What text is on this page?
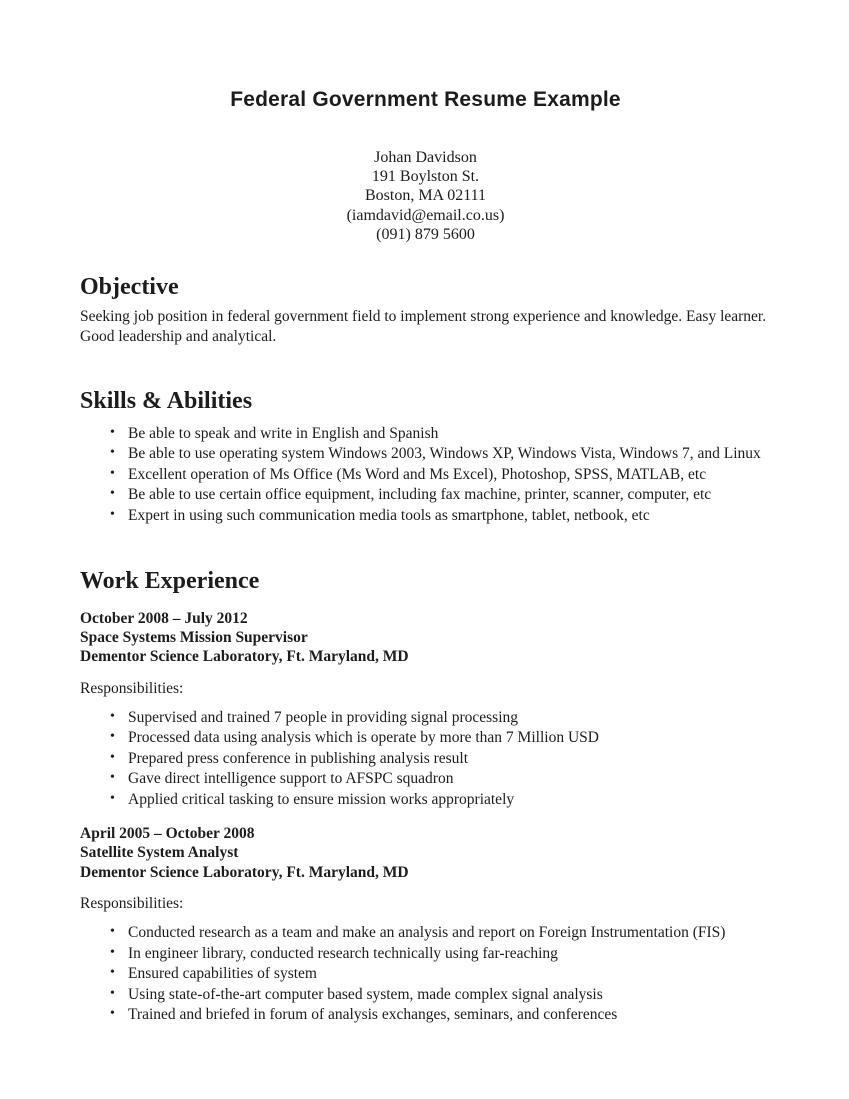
Federal Government Resume Example
Johan Davidson
191 Boylston St.
Boston, MA 02111
(iamdavid@email.co.us)
(091) 879 5600
Objective

Seeking job position in federal government field to implement strong experience and knowledge. Easy learner. Good leadership and analytical.

Skills & Abilities
• Be able to speak and write in English and Spanish
• Be able to use operating system Windows 2003, Windows XP, Windows Vista, Windows 7, and Linux
• Excellent operation of Ms Office (Ms Word and Ms Excel), Photoshop, SPSS, MATLAB, etc
• Be able to use certain office equipment, including fax machine, printer, scanner, computer, etc
• Expert in using such communication media tools as smartphone, tablet, netbook, etc
Work Experience
October 2008 – July 2012
Space Systems Mission Supervisor
Dementor Science Laboratory, Ft. Maryland, MD
Responsibilities:
• Supervised and trained 7 people in providing signal processing
• Processed data using analysis which is operate by more than 7 Million USD
• Prepared press conference in publishing analysis result
• Gave direct intelligence support to AFSPC squadron
• Applied critical tasking to ensure mission works appropriately
April 2005 – October 2008
Satellite System Analyst
Dementor Science Laboratory, Ft. Maryland, MD
Responsibilities:
• Conducted research as a team and make an analysis and report on Foreign Instrumentation (FIS)
• In engineer library, conducted research technically using far-reaching
• Ensured capabilities of system
• Using state-of-the-art computer based system, made complex signal analysis
• Trained and briefed in forum of analysis exchanges, seminars, and conferences
